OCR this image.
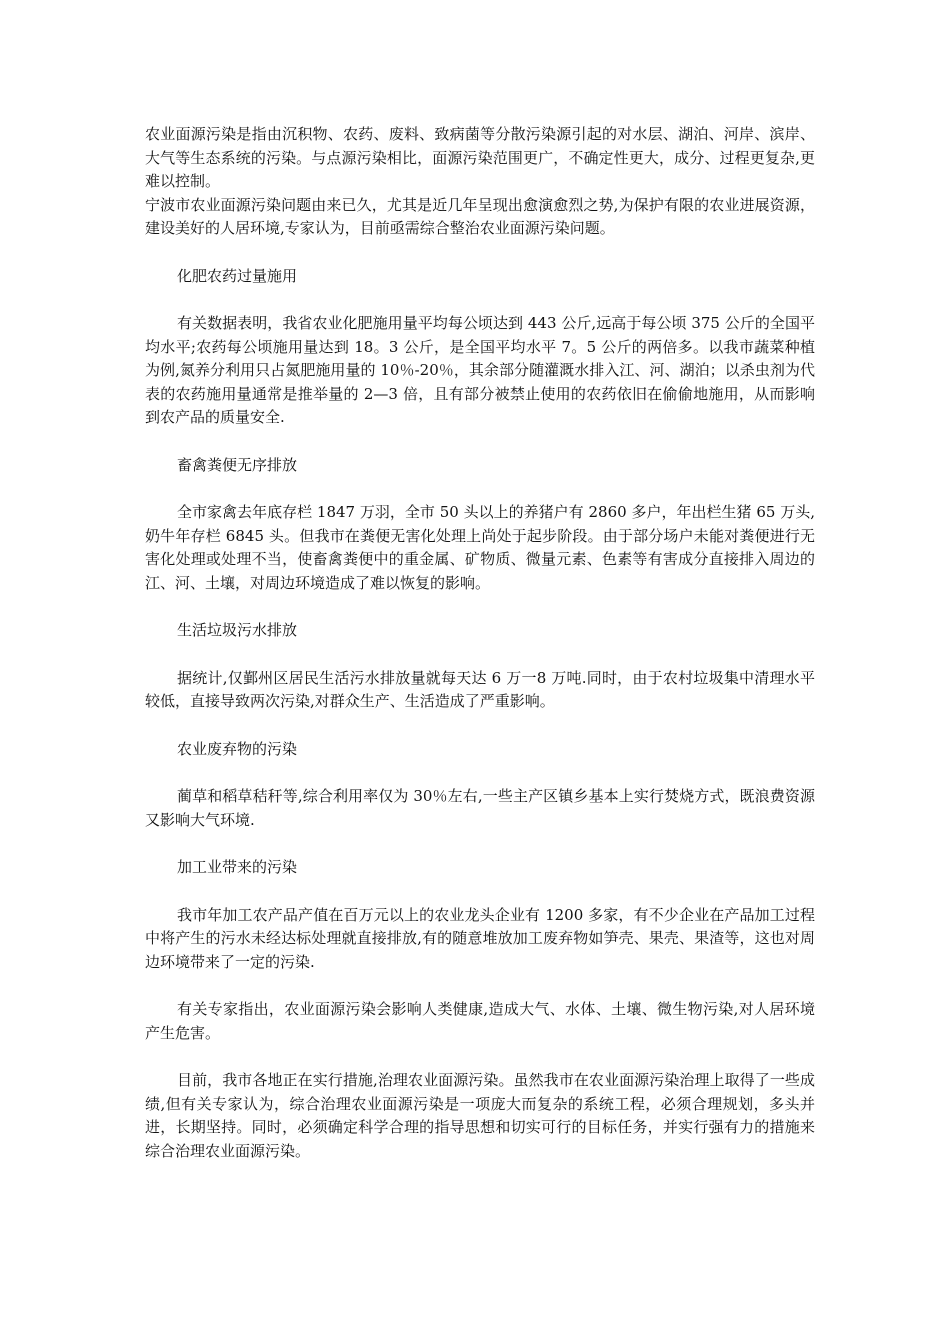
农业面源污染是指由沉积物、农药、废料、致病菌等分散污染源引起的对水层、湖泊、河岸、滨岸、大气等生态系统的污染。与点源污染相比，面源污染范围更广，不确定性更大，成分、过程更复杂,更难以控制。

宁波市农业面源污染问题由来已久，尤其是近几年呈现出愈演愈烈之势,为保护有限的农业进展资源，建设美好的人居环境,专家认为，目前亟需综合整治农业面源污染问题。

化肥农药过量施用

有关数据表明，我省农业化肥施用量平均每公顷达到 443 公斤,远高于每公顷 375 公斤的全国平均水平;农药每公顷施用量达到 18。3 公斤，是全国平均水平 7。5 公斤的两倍多。以我市蔬菜种植为例,氮养分利用只占氮肥施用量的 10％-20％，其余部分随灌溉水排入江、河、湖泊；以杀虫剂为代表的农药施用量通常是推举量的 2—3 倍，且有部分被禁止使用的农药依旧在偷偷地施用，从而影响到农产品的质量安全.

畜禽粪便无序排放

全市家禽去年底存栏 1847 万羽，全市 50 头以上的养猪户有 2860 多户，年出栏生猪 65 万头,奶牛年存栏 6845 头。但我市在粪便无害化处理上尚处于起步阶段。由于部分场户未能对粪便进行无害化处理或处理不当，使畜禽粪便中的重金属、矿物质、微量元素、色素等有害成分直接排入周边的江、河、土壤，对周边环境造成了难以恢复的影响。

生活垃圾污水排放

据统计,仅鄞州区居民生活污水排放量就每天达 6 万一8 万吨.同时，由于农村垃圾集中清理水平较低，直接导致两次污染,对群众生产、生活造成了严重影响。

农业废弃物的污染

蔺草和稻草秸秆等,综合利用率仅为 30％左右,一些主产区镇乡基本上实行焚烧方式，既浪费资源又影响大气环境.

加工业带来的污染

我市年加工农产品产值在百万元以上的农业龙头企业有 1200 多家，有不少企业在产品加工过程中将产生的污水未经达标处理就直接排放,有的随意堆放加工废弃物如笋壳、果壳、果渣等，这也对周边环境带来了一定的污染.

有关专家指出，农业面源污染会影响人类健康,造成大气、水体、土壤、微生物污染,对人居环境产生危害。

目前，我市各地正在实行措施,治理农业面源污染。虽然我市在农业面源污染治理上取得了一些成绩,但有关专家认为，综合治理农业面源污染是一项庞大而复杂的系统工程，必须合理规划，多头并进，长期坚持。同时，必须确定科学合理的指导思想和切实可行的目标任务，并实行强有力的措施来综合治理农业面源污染。
